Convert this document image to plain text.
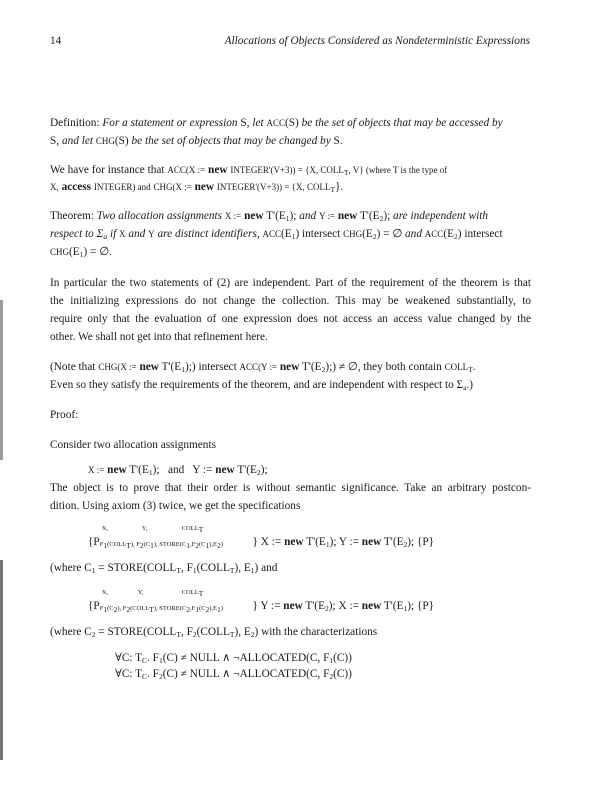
14	Allocations of Objects Considered as Nondeterministic Expressions
Definition: For a statement or expression S, let ACC(S) be the set of objects that may be accessed by
S, and let CHG(S) be the set of objects that may be changed by S.
We have for instance that ACC(X := new INTEGER'(V+3)) = {X, $COLL_T$, V} (where T is the type of
X, access INTEGER) and CHG(X := new INTEGER'(V+3)) = {X, $COLL_T$}.
Theorem: Two allocation assignments X := new $T'(E_1)$; and Y := new $T'(E_2)$; are independent with
respect to $\Sigma_a$ if X and Y are distinct identifiers, $ACC(E_1)$ intersect $CHG(E_2)$ = ∅ and $ACC(E_2)$ intersect
$CHG(E_1)$ = ∅.
In particular the two statements of (2) are independent. Part of the requirement of the theorem is that
the initializing expressions do not change the collection. This may be weakened substantially, to
require only that the evaluation of one expression does not access an access value changed by the
other. We shall not get into that refinement here.
(Note that CHG(X := new $T'(E_1)$;) intersect ACC(Y := new $T'(E_2)$;) ≠ ∅, they both contain $COLL_T$.
Even so they satisfy the requirements of the theorem, and are independent with respect to $\Sigma_a$.)
Proof:
Consider two allocation assignments
X := new $T'(E_1)$;   and   Y := new $T'(E_2)$;
The object is to prove that their order is without semantic significance. Take an arbitrary postcon-
dition. Using axiom (3) twice, we get the specifications
{P
X,	Y,	$COLL_T$
$F_1(COLL_T)$, $F_2(C_1)$, $STORE(C_1,F_2(C_1),E_2)$	} X := new $T'(E_1)$; Y := new $T'(E_2)$; {P}
(where $C_1$ = $STORE(COLL_T$, $F_1(COLL_T)$, $E_1$) and
{P
X,	Y,	$COLL_T$
$F_1(C_2)$, $F_2(COLL_T)$, $STORE(C_2,F_1(C_2),E_1)$	} Y := new $T'(E_2)$; X := new $T'(E_1)$; {P}
(where $C_2$ = $STORE(COLL_T$, $F_2(COLL_T)$, $E_2$) with the characterizations
∀C: $T_C$. $F_1(C)$ ≠ NULL ∧ ¬ALLOCATED(C, $F_1(C)$)
∀C: $T_C$. $F_2(C)$ ≠ NULL ∧ ¬ALLOCATED(C, $F_2(C)$)
